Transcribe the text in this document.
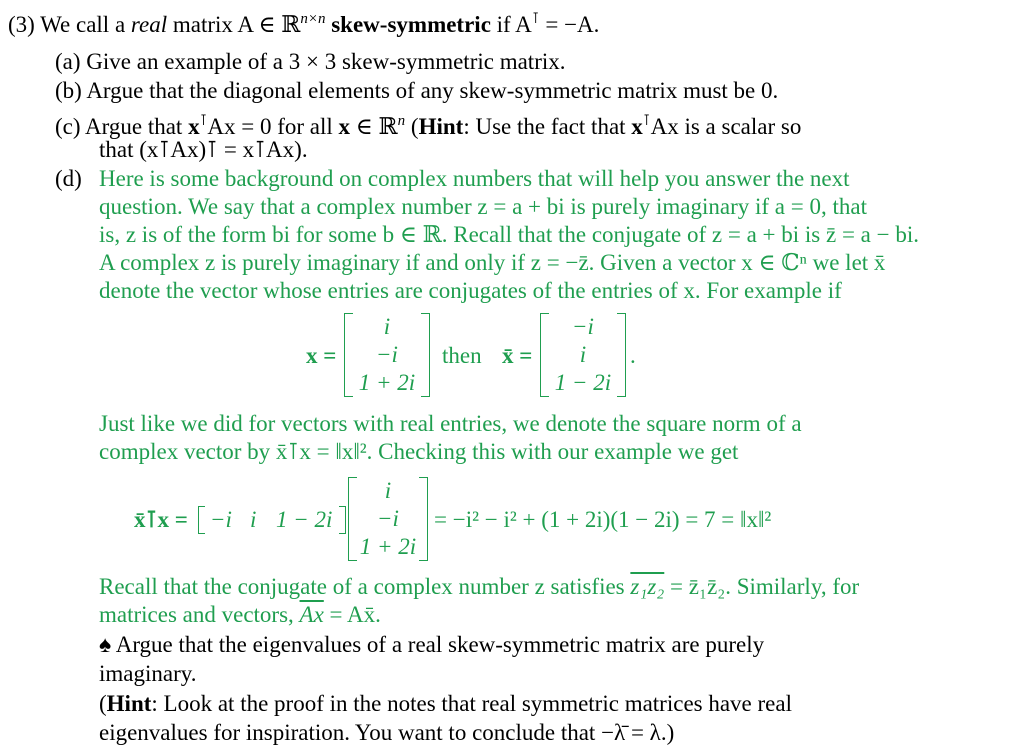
(3) We call a real matrix A ∈ ℝ$^{n\times n}$ skew-symmetric if A⊺ = −A.
(a) Give an example of a 3 × 3 skew-symmetric matrix.
(b) Argue that the diagonal elements of any skew-symmetric matrix must be 0.
(c) Argue that x⊺Ax = 0 for all x ∈ ℝ$^n$ (Hint: Use the fact that x⊺Ax is a scalar so
that (x⊺Ax)⊺ = x⊺Ax).
(d) Here is some background on complex numbers that will help you answer the next
question. We say that a complex number z = a + bi is purely imaginary if a = 0, that
is, z is of the form bi for some b ∈ ℝ. Recall that the conjugate of z = a + bi is z̄ = a − bi.
A complex z is purely imaginary if and only if z = −z̄. Given a vector x ∈ ℂⁿ we let x̄
denote the vector whose entries are conjugates of the entries of x. For example if
x =
i
−i
1 + 2i
then x̄ =
−i
i
1 − 2i
.
Just like we did for vectors with real entries, we denote the square norm of a
complex vector by x̄⊺x = ‖x‖². Checking this with our example we get
x̄⊺x = −i i 1 − 2i
i
−i
1 + 2i
= −i² − i² + (1 + 2i)(1 − 2i) = 7 = ‖x‖²
Recall that the conjugate of a complex number z satisfies z₁z₂ = z̄₁z̄₂. Similarly, for
matrices and vectors, $\overline{Ax}$ = Ax̄.
♠ Argue that the eigenvalues of a real skew-symmetric matrix are purely
imaginary.
(Hint: Look at the proof in the notes that real symmetric matrices have real
eigenvalues for inspiration. You want to conclude that −λ̄ = λ.)
